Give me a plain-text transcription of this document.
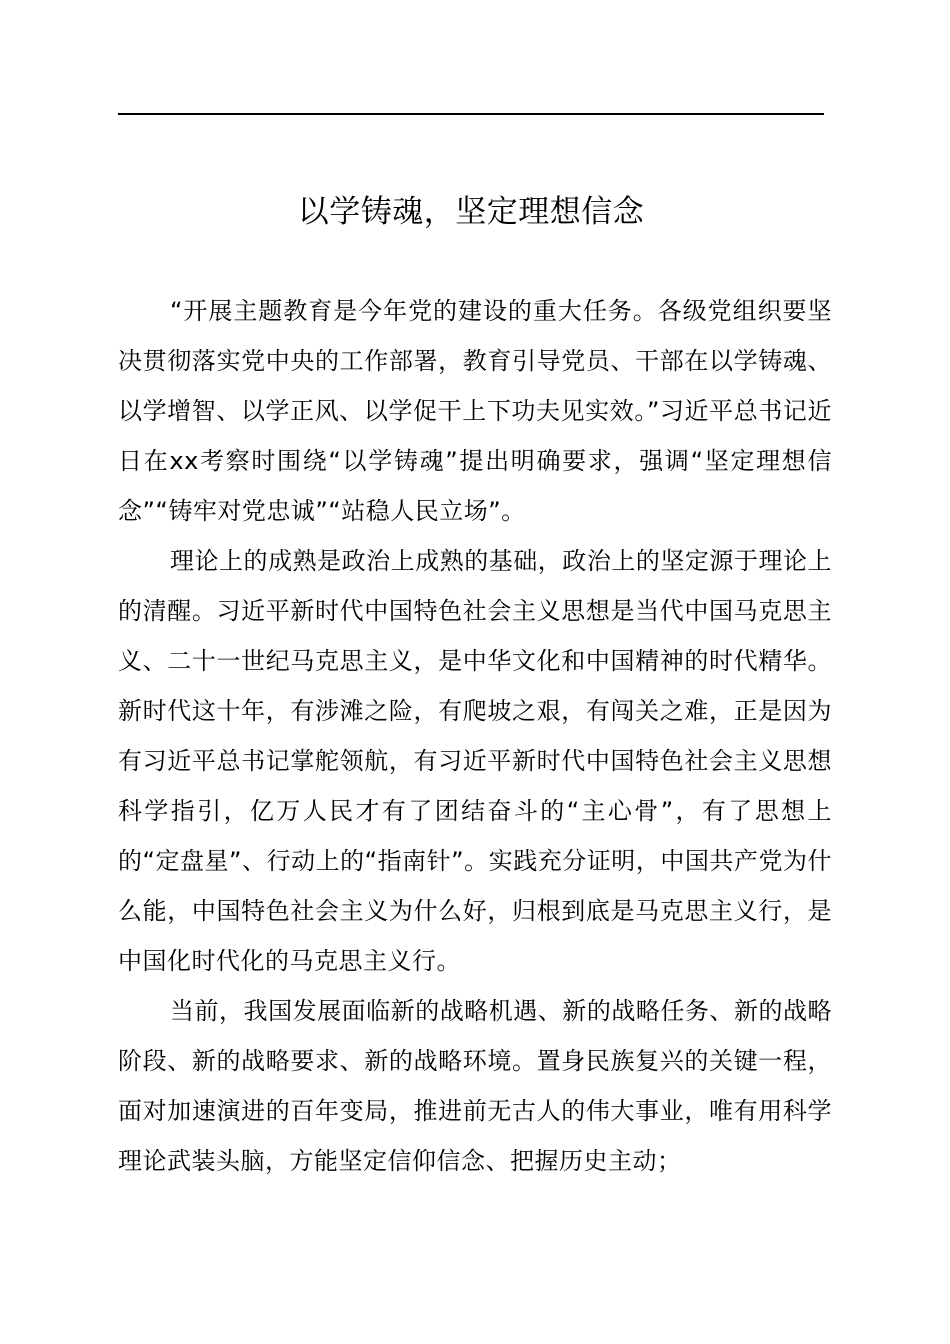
以学铸魂，坚定理想信念

“开展主题教育是今年党的建设的重大任务。各级党组织要坚决贯彻落实党中央的工作部署，教育引导党员、干部在以学铸魂、以学增智、以学正风、以学促干上下功夫见实效。”习近平总书记近日在xx考察时围绕“以学铸魂”提出明确要求，强调“坚定理想信念”“铸牢对党忠诚”“站稳人民立场”。

理论上的成熟是政治上成熟的基础，政治上的坚定源于理论上的清醒。习近平新时代中国特色社会主义思想是当代中国马克思主义、二十一世纪马克思主义，是中华文化和中国精神的时代精华。新时代这十年，有涉滩之险，有爬坡之艰，有闯关之难，正是因为有习近平总书记掌舵领航，有习近平新时代中国特色社会主义思想科学指引，亿万人民才有了团结奋斗的“主心骨”，有了思想上的“定盘星”、行动上的“指南针”。实践充分证明，中国共产党为什么能，中国特色社会主义为什么好，归根到底是马克思主义行，是中国化时代化的马克思主义行。

当前，我国发展面临新的战略机遇、新的战略任务、新的战略阶段、新的战略要求、新的战略环境。置身民族复兴的关键一程，面对加速演进的百年变局，推进前无古人的伟大事业，唯有用科学理论武装头脑，方能坚定信仰信念、把握历史主动；
